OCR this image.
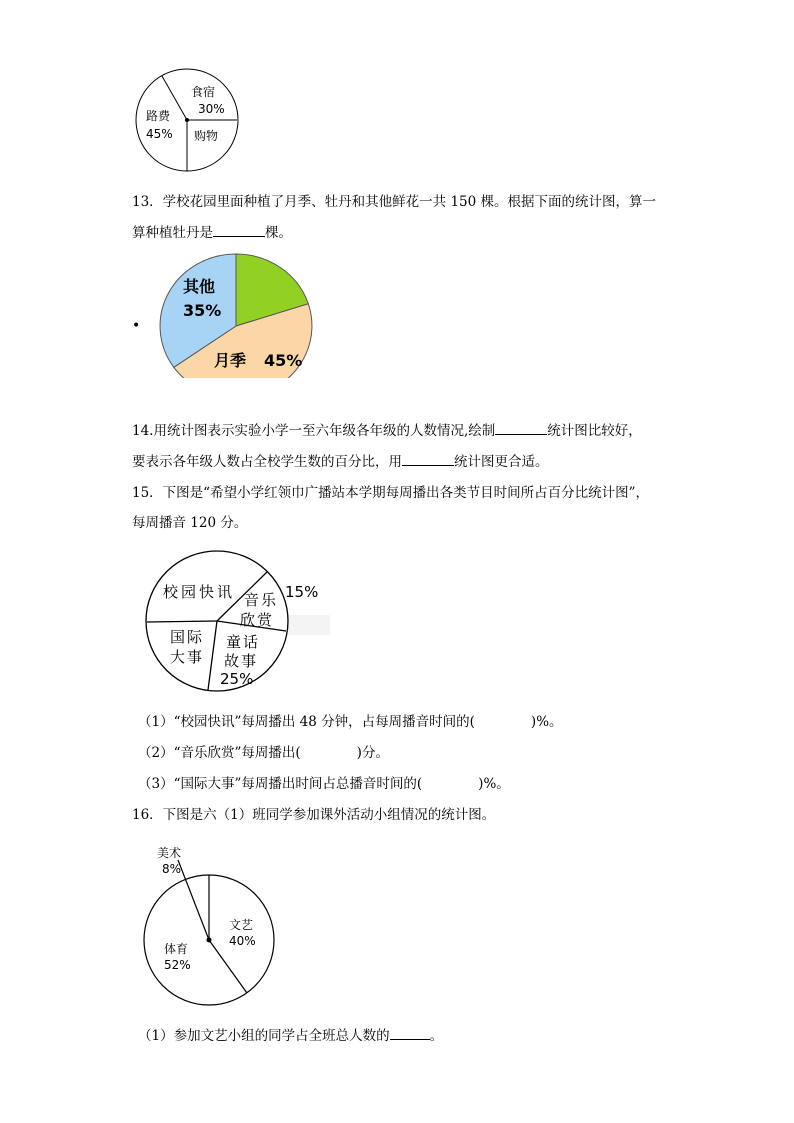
食宿
30%
购物
路费
45%
13．学校花园里面种植了月季、牡丹和其他鲜花一共 150 棵。根据下面的统计图，算一
算种植牡丹是	棵。
•
其他
35%
月季 45%
14.用统计图表示实验小学一至六年级各年级的人数情况,绘制	统计图比较好，
要表示各年级人数占全校学生数的百分比，用	统计图更合适。
15．下图是“希望小学红领巾广播站本学期每周播出各类节目时间所占百分比统计图”，
每周播音 120 分。
校园快讯 音乐
欣赏
15%
童话
故事
25%
国际
大事
（1）“校园快讯”每周播出 48 分钟，占每周播音时间的(	)%。
（2）“音乐欣赏”每周播出(	)分。
（3）“国际大事”每周播出时间占总播音时间的(	)%。
16．下图是六（1）班同学参加课外活动小组情况的统计图。
美术
8%
文艺
40%
体育
52%
（1）参加文艺小组的同学占全班总人数的	。
